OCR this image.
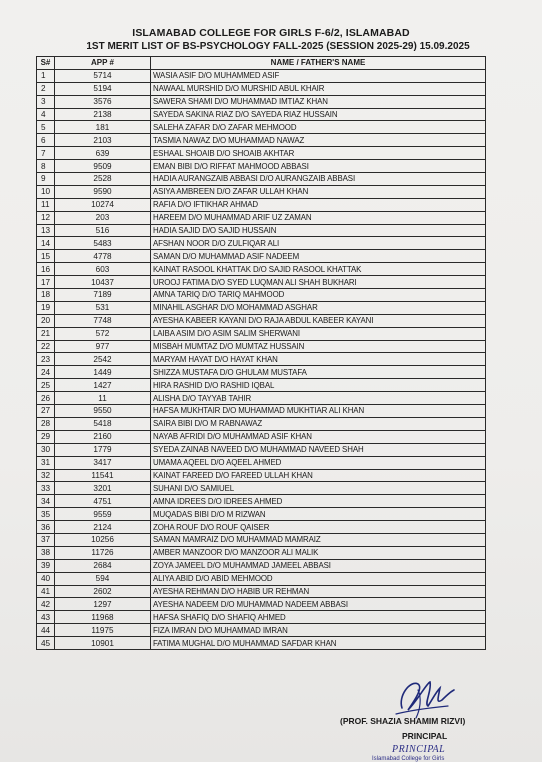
ISLAMABAD COLLEGE FOR GIRLS F-6/2, ISLAMABAD
1ST MERIT LIST OF BS-PSYCHOLOGY FALL-2025 (SESSION 2025-29) 15.09.2025
S#	APP #	NAME / FATHER'S NAME
1	5714	WASIA ASIF D/O MUHAMMED ASIF
2	5194	NAWAAL MURSHID D/O MURSHID ABUL KHAIR
3	3576	SAWERA SHAMI D/O MUHAMMAD IMTIAZ KHAN
4	2138	SAYEDA SAKINA RIAZ D/O SAYEDA RIAZ HUSSAIN
5	181	SALEHA ZAFAR D/O ZAFAR MEHMOOD
6	2103	TASMIA NAWAZ D/O MUHAMMAD NAWAZ
7	639	ESHAAL SHOAIB D/O SHOAIB AKHTAR
8	9509	EMAN BIBI D/O RIFFAT MAHMOOD ABBASI
9	2528	HADIA AURANGZAIB ABBASI D/O AURANGZAIB ABBASI
10	9590	ASIYA AMBREEN D/O ZAFAR ULLAH KHAN
11	10274	RAFIA D/O IFTIKHAR AHMAD
12	203	HAREEM D/O MUHAMMAD ARIF UZ ZAMAN
13	516	HADIA SAJID D/O SAJID HUSSAIN
14	5483	AFSHAN NOOR D/O ZULFIQAR ALI
15	4778	SAMAN D/O MUHAMMAD ASIF NADEEM
16	603	KAINAT RASOOL KHATTAK D/O SAJID RASOOL KHATTAK
17	10437	UROOJ FATIMA D/O SYED LUQMAN ALI SHAH BUKHARI
18	7189	AMNA TARIQ D/O TARIQ MAHMOOD
19	531	MINAHIL ASGHAR D/O MOHAMMAD ASGHAR
20	7748	AYESHA KABEER KAYANI D/O RAJA ABDUL KABEER KAYANI
21	572	LAIBA ASIM D/O ASIM SALIM SHERWANI
22	977	MISBAH MUMTAZ D/O MUMTAZ HUSSAIN
23	2542	MARYAM HAYAT D/O HAYAT KHAN
24	1449	SHIZZA MUSTAFA D/O GHULAM MUSTAFA
25	1427	HIRA RASHID D/O RASHID IQBAL
26	11	ALISHA D/O TAYYAB TAHIR
27	9550	HAFSA MUKHTAIR D/O MUHAMMAD MUKHTIAR ALI KHAN
28	5418	SAIRA BIBI D/O M RABNAWAZ
29	2160	NAYAB AFRIDI D/O MUHAMMAD ASIF KHAN
30	1779	SYEDA ZAINAB NAVEED D/O MUHAMMAD NAVEED SHAH
31	3417	UMAMA AQEEL D/O AQEEL AHMED
32	11541	KAINAT FAREED D/O FAREED ULLAH KHAN
33	3201	SUHANI D/O SAMIUEL
34	4751	AMNA IDREES D/O IDREES AHMED
35	9559	MUQADAS BIBI D/O M RIZWAN
36	2124	ZOHA ROUF D/O ROUF QAISER
37	10256	SAMAN MAMRAIZ D/O MUHAMMAD MAMRAIZ
38	11726	AMBER MANZOOR D/O MANZOOR ALI MALIK
39	2684	ZOYA JAMEEL D/O MUHAMMAD JAMEEL ABBASI
40	594	ALIYA ABID D/O ABID MEHMOOD
41	2602	AYESHA REHMAN D/O HABIB UR REHMAN
42	1297	AYESHA NADEEM D/O MUHAMMAD NADEEM ABBASI
43	11968	HAFSA SHAFIQ D/O SHAFIQ AHMED
44	11975	FIZA IMRAN D/O MUHAMMAD IMRAN
45	10901	FATIMA MUGHAL D/O MUHAMMAD SAFDAR KHAN
(PROF. SHAZIA SHAMIM RIZVI)
PRINCIPAL
PRINCIPAL
Islamabad College for Girls
